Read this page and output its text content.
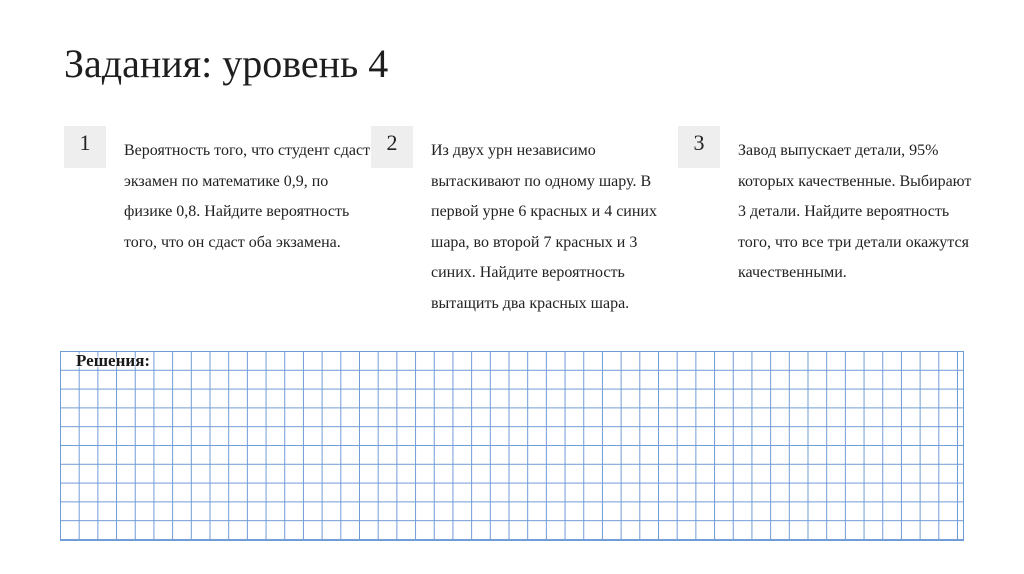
Задания: уровень 4
1	Вероятность того, что студент сдаст экзамен по математике 0,9, по физике 0,8. Найдите вероятность того, что он сдаст оба экзамена.
2	Из двух урн независимо вытаскивают по одному шару. В первой урне 6 красных и 4 синих шара, во второй 7 красных и 3 синих. Найдите вероятность вытащить два красных шара.
3	Завод выпускает детали, 95% которых качественные. Выбирают 3 детали. Найдите вероятность того, что все три детали окажутся качественными.
Решения:
